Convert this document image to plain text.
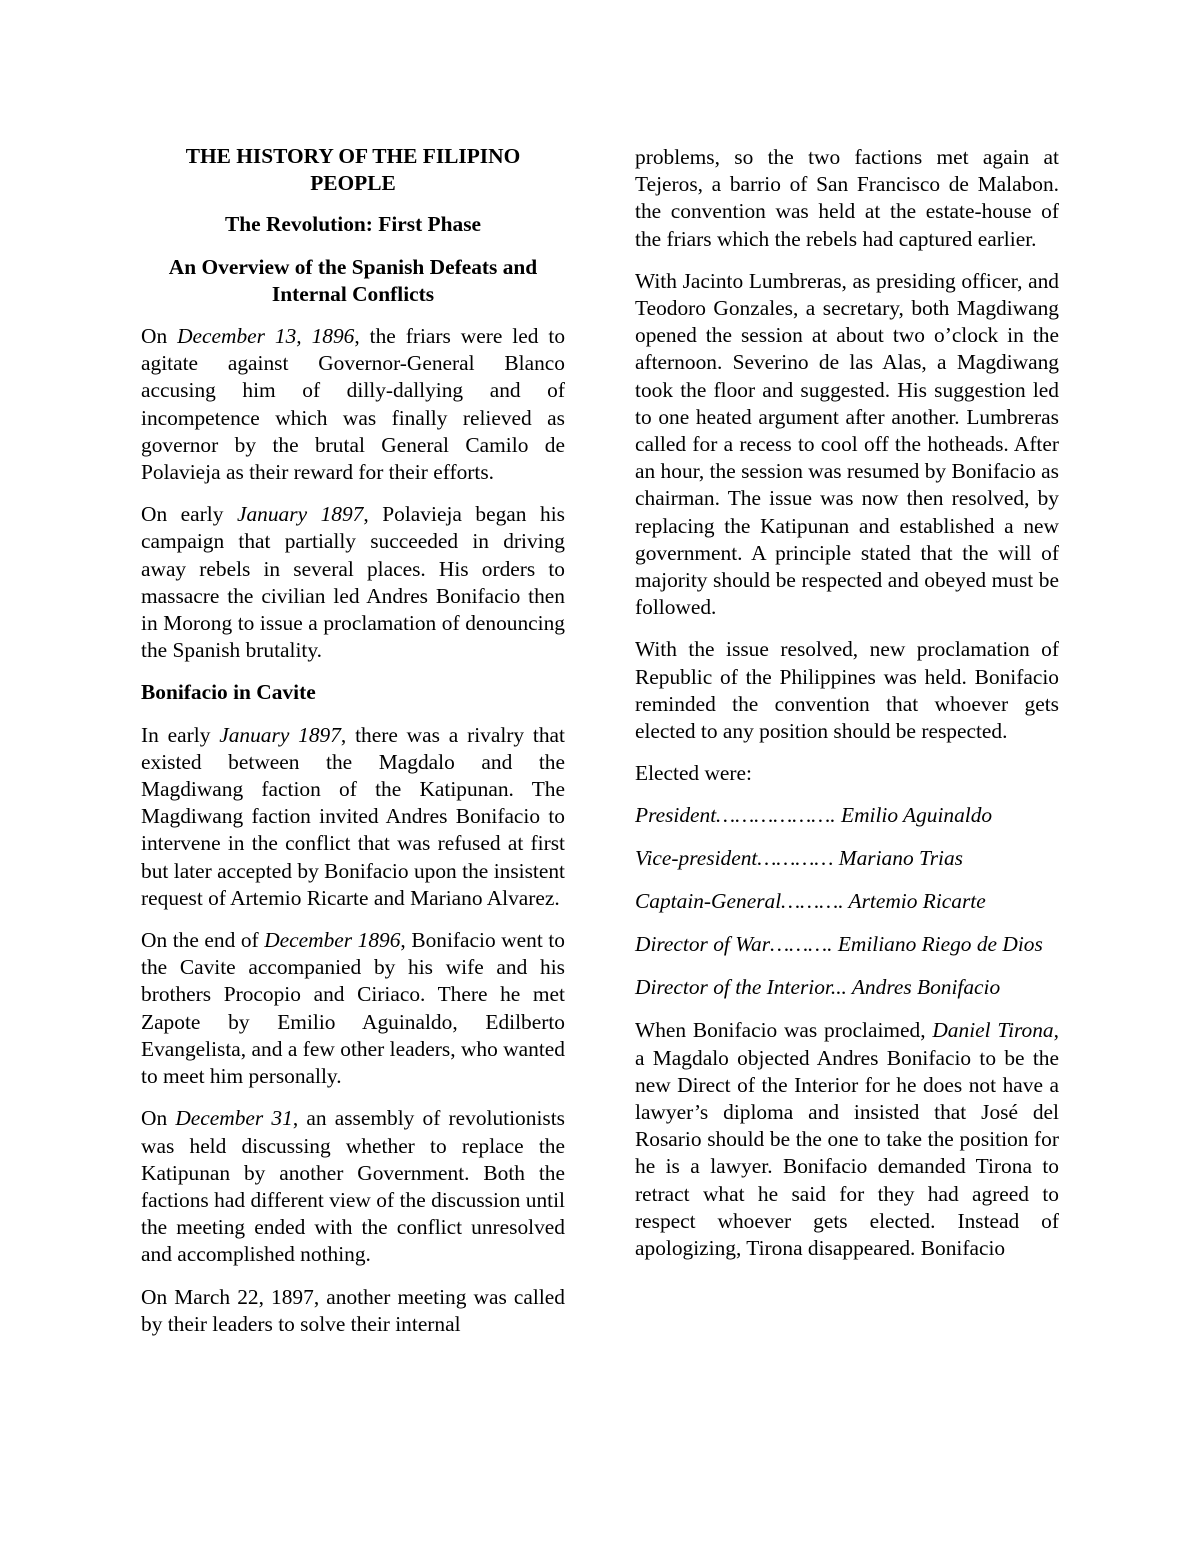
THE HISTORY OF THE FILIPINO PEOPLE
The Revolution: First Phase
An Overview of the Spanish Defeats and Internal Conflicts

On December 13, 1896, the friars were led to agitate against Governor-General Blanco accusing him of dilly-dallying and of incompetence which was finally relieved as governor by the brutal General Camilo de Polavieja as their reward for their efforts.

On early January 1897, Polavieja began his campaign that partially succeeded in driving away rebels in several places. His orders to massacre the civilian led Andres Bonifacio then in Morong to issue a proclamation of denouncing the Spanish brutality.

Bonifacio in Cavite

In early January 1897, there was a rivalry that existed between the Magdalo and the Magdiwang faction of the Katipunan. The Magdiwang faction invited Andres Bonifacio to intervene in the conflict that was refused at first but later accepted by Bonifacio upon the insistent request of Artemio Ricarte and Mariano Alvarez.

On the end of December 1896, Bonifacio went to the Cavite accompanied by his wife and his brothers Procopio and Ciriaco. There he met Zapote by Emilio Aguinaldo, Edilberto Evangelista, and a few other leaders, who wanted to meet him personally.

On December 31, an assembly of revolutionists was held discussing whether to replace the Katipunan by another Government. Both the factions had different view of the discussion until the meeting ended with the conflict unresolved and accomplished nothing.

On March 22, 1897, another meeting was called by their leaders to solve their internal

problems, so the two factions met again at Tejeros, a barrio of San Francisco de Malabon. the convention was held at the estate-house of the friars which the rebels had captured earlier.

With Jacinto Lumbreras, as presiding officer, and Teodoro Gonzales, a secretary, both Magdiwang opened the session at about two o’clock in the afternoon. Severino de las Alas, a Magdiwang took the floor and suggested. His suggestion led to one heated argument after another. Lumbreras called for a recess to cool off the hotheads. After an hour, the session was resumed by Bonifacio as chairman. The issue was now then resolved, by replacing the Katipunan and established a new government. A principle stated that the will of majority should be respected and obeyed must be followed.

With the issue resolved, new proclamation of Republic of the Philippines was held. Bonifacio reminded the convention that whoever gets elected to any position should be respected.

Elected were:

President………………. Emilio Aguinaldo
Vice-president………… Mariano Trias
Captain-General………. Artemio Ricarte
Director of War………. Emiliano Riego de Dios
Director of the Interior... Andres Bonifacio

When Bonifacio was proclaimed, Daniel Tirona, a Magdalo objected Andres Bonifacio to be the new Direct of the Interior for he does not have a lawyer’s diploma and insisted that José del Rosario should be the one to take the position for he is a lawyer. Bonifacio demanded Tirona to retract what he said for they had agreed to respect whoever gets elected. Instead of apologizing, Tirona disappeared. Bonifacio
